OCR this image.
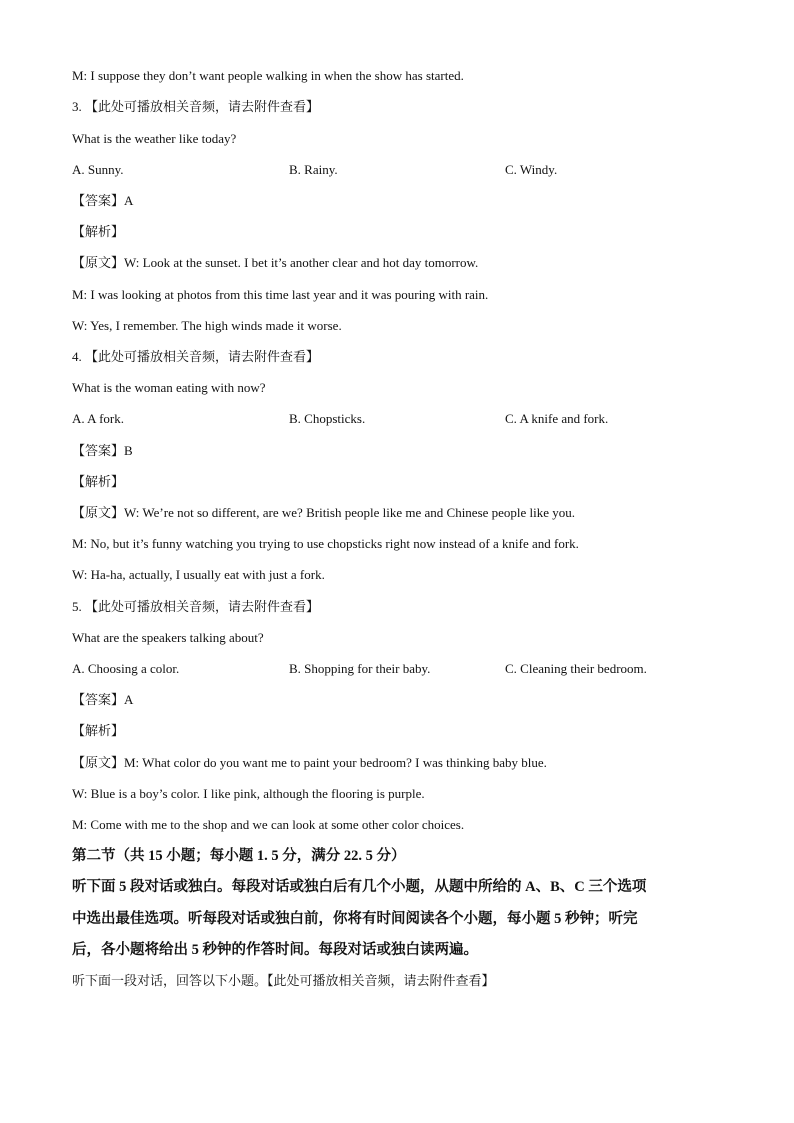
M: I suppose they don’t want people walking in when the show has started.
3. 【此处可播放相关音频，请去附件查看】
What is the weather like today?
A. Sunny.	B. Rainy.	C. Windy.
【答案】A
【解析】
【原文】W: Look at the sunset. I bet it’s another clear and hot day tomorrow.
M: I was looking at photos from this time last year and it was pouring with rain.
W: Yes, I remember. The high winds made it worse.
4. 【此处可播放相关音频，请去附件查看】
What is the woman eating with now?
A. A fork.	B. Chopsticks.	C. A knife and fork.
【答案】B
【解析】
【原文】W: We’re not so different, are we? British people like me and Chinese people like you.
M: No, but it’s funny watching you trying to use chopsticks right now instead of a knife and fork.
W: Ha-ha, actually, I usually eat with just a fork.
5. 【此处可播放相关音频，请去附件查看】
What are the speakers talking about?
A. Choosing a color.	B. Shopping for their baby.	C. Cleaning their bedroom.
【答案】A
【解析】
【原文】M: What color do you want me to paint your bedroom? I was thinking baby blue.
W: Blue is a boy’s color. I like pink, although the flooring is purple.
M: Come with me to the shop and we can look at some other color choices.
第二节（共 15 小题；每小题 1. 5 分，满分 22. 5 分）
听下面 5 段对话或独白。每段对话或独白后有几个小题，从题中所给的 A、B、C 三个选项
中选出最佳选项。听每段对话或独白前，你将有时间阅读各个小题，每小题 5 秒钟；听完
后，各小题将给出 5 秒钟的作答时间。每段对话或独白读两遍。
听下面一段对话，回答以下小题。【此处可播放相关音频，请去附件查看】
